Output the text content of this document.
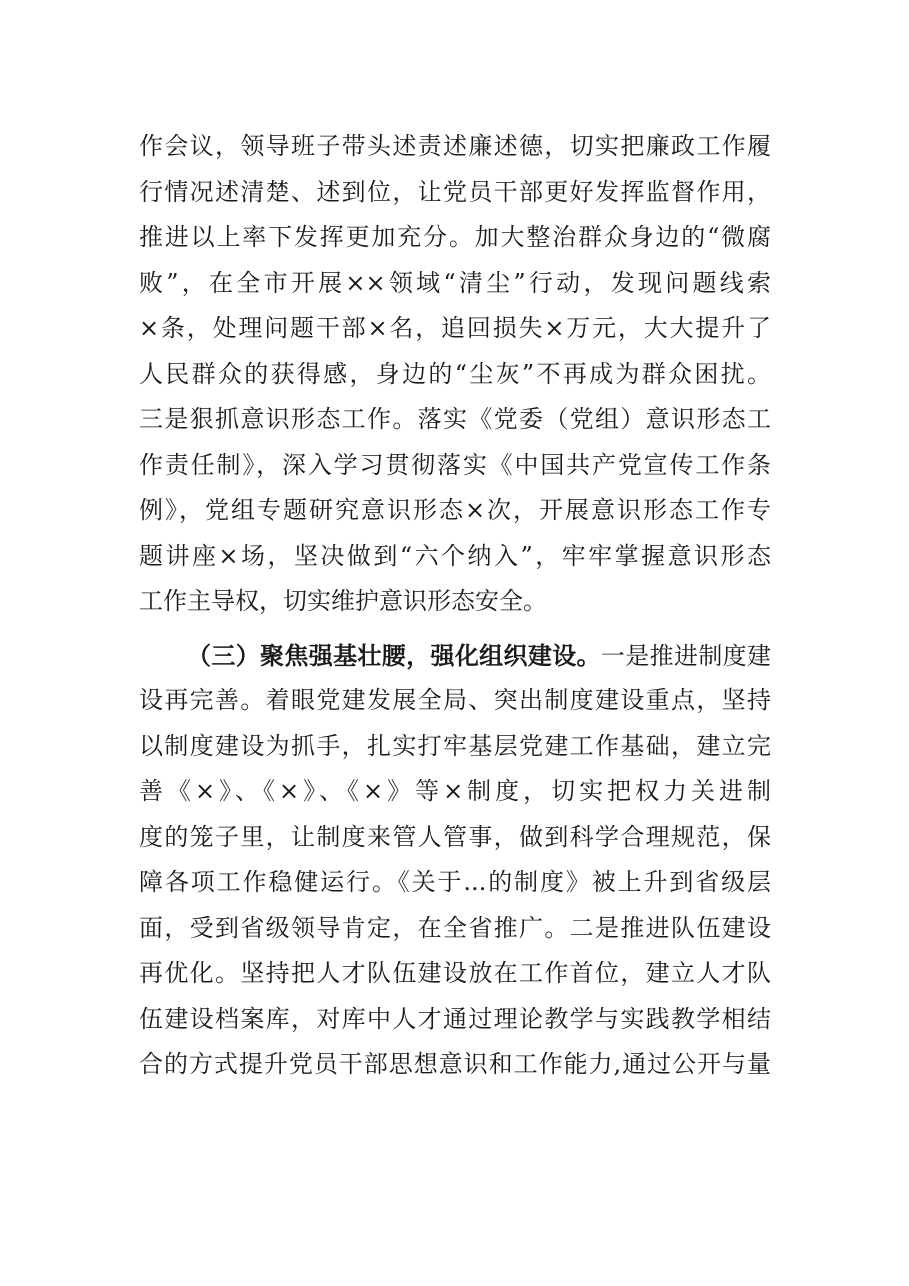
作会议，领导班子带头述责述廉述德，切实把廉政工作履
行情况述清楚、述到位，让党员干部更好发挥监督作用，
推进以上率下发挥更加充分。加大整治群众身边的“微腐
败”，在全市开展××领域“清尘”行动，发现问题线索
×条，处理问题干部×名，追回损失×万元，大大提升了
人民群众的获得感，身边的“尘灰”不再成为群众困扰。
三是狠抓意识形态工作。落实《党委（党组）意识形态工
作责任制》，深入学习贯彻落实《中国共产党宣传工作条
例》，党组专题研究意识形态×次，开展意识形态工作专
题讲座×场，坚决做到“六个纳入”，牢牢掌握意识形态
工作主导权，切实维护意识形态安全。
（三）聚焦强基壮腰，强化组织建设。一是推进制度建
设再完善。着眼党建发展全局、突出制度建设重点，坚持
以制度建设为抓手，扎实打牢基层党建工作基础，建立完
善《×》、《×》、《×》等×制度，切实把权力关进制
度的笼子里，让制度来管人管事，做到科学合理规范，保
障各项工作稳健运行。《关于...的制度》被上升到省级层
面，受到省级领导肯定，在全省推广。二是推进队伍建设
再优化。坚持把人才队伍建设放在工作首位，建立人才队
伍建设档案库，对库中人才通过理论教学与实践教学相结
合的方式提升党员干部思想意识和工作能力,通过公开与量
